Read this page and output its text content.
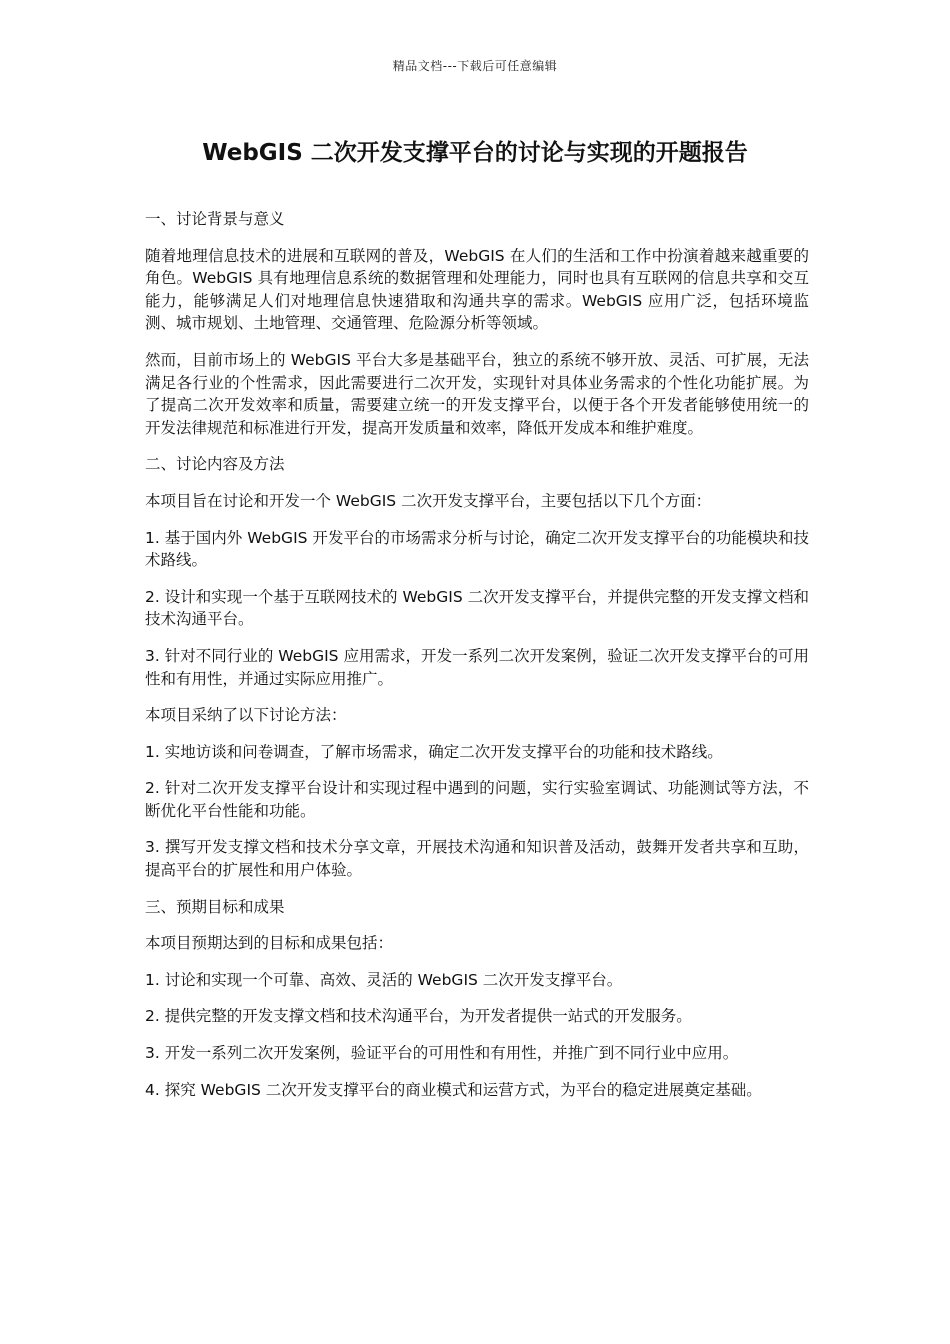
精品文档---下载后可任意编辑
WebGIS 二次开发支撑平台的讨论与实现的开题报告

一、讨论背景与意义

随着地理信息技术的进展和互联网的普及，WebGIS 在人们的生活和工作中扮演着越来越重要的角色。WebGIS 具有地理信息系统的数据管理和处理能力，同时也具有互联网的信息共享和交互能力，能够满足人们对地理信息快速猎取和沟通共享的需求。WebGIS 应用广泛，包括环境监测、城市规划、土地管理、交通管理、危险源分析等领域。

然而，目前市场上的 WebGIS 平台大多是基础平台，独立的系统不够开放、灵活、可扩展，无法满足各行业的个性需求，因此需要进行二次开发，实现针对具体业务需求的个性化功能扩展。为了提高二次开发效率和质量，需要建立统一的开发支撑平台，以便于各个开发者能够使用统一的开发法律规范和标准进行开发，提高开发质量和效率，降低开发成本和维护难度。

二、讨论内容及方法

本项目旨在讨论和开发一个 WebGIS 二次开发支撑平台，主要包括以下几个方面：

1. 基于国内外 WebGIS 开发平台的市场需求分析与讨论，确定二次开发支撑平台的功能模块和技术路线。

2. 设计和实现一个基于互联网技术的 WebGIS 二次开发支撑平台，并提供完整的开发支撑文档和技术沟通平台。

3. 针对不同行业的 WebGIS 应用需求，开发一系列二次开发案例，验证二次开发支撑平台的可用性和有用性，并通过实际应用推广。

本项目采纳了以下讨论方法：

1. 实地访谈和问卷调查，了解市场需求，确定二次开发支撑平台的功能和技术路线。

2. 针对二次开发支撑平台设计和实现过程中遇到的问题，实行实验室调试、功能测试等方法，不断优化平台性能和功能。

3. 撰写开发支撑文档和技术分享文章，开展技术沟通和知识普及活动，鼓舞开发者共享和互助，提高平台的扩展性和用户体验。

三、预期目标和成果

本项目预期达到的目标和成果包括：

1. 讨论和实现一个可靠、高效、灵活的 WebGIS 二次开发支撑平台。

2. 提供完整的开发支撑文档和技术沟通平台，为开发者提供一站式的开发服务。

3. 开发一系列二次开发案例，验证平台的可用性和有用性，并推广到不同行业中应用。

4. 探究 WebGIS 二次开发支撑平台的商业模式和运营方式，为平台的稳定进展奠定基础。
